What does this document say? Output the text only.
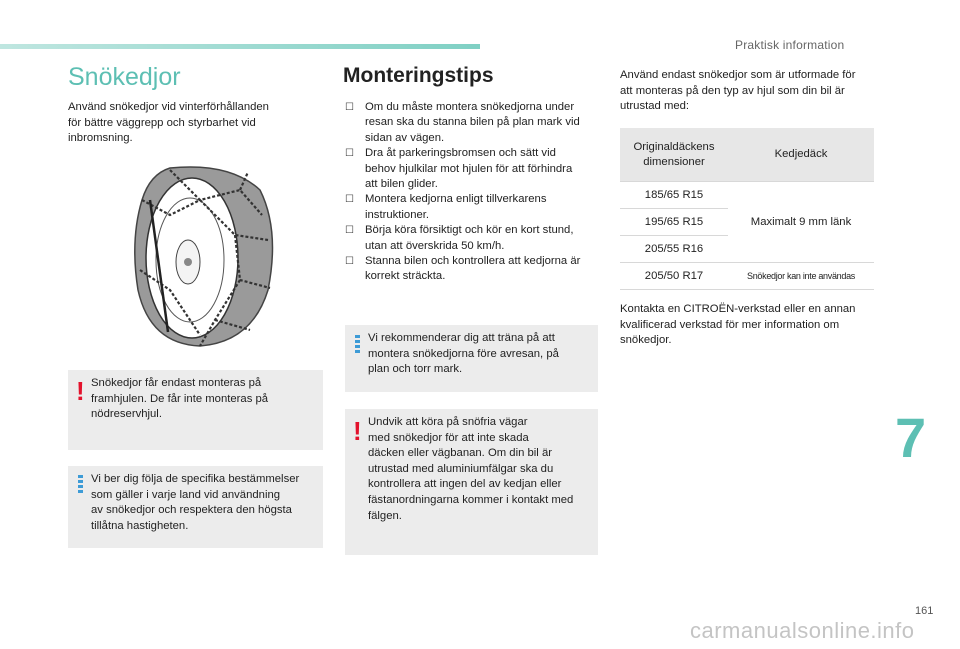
Praktisk information
Snökedjor
Använd snökedjor vid vinterförhållanden
för bättre väggrepp och styrbarhet vid
inbromsning.
! Snökedjor får endast monteras på
framhjulen. De får inte monteras på
nödreservhjul.
Vi ber dig följa de specifika bestämmelser
som gäller i varje land vid användning
av snökedjor och respektera den högsta
tillåtna hastigheten.
Monteringstips
☐ Om du måste montera snökedjorna under
resan ska du stanna bilen på plan mark vid
sidan av vägen.
☐ Dra åt parkeringsbromsen och sätt vid
behov hjulkilar mot hjulen för att förhindra
att bilen glider.
☐ Montera kedjorna enligt tillverkarens
instruktioner.
☐ Börja köra försiktigt och kör en kort stund,
utan att överskrida 50 km/h.
☐ Stanna bilen och kontrollera att kedjorna är
korrekt sträckta.
Vi rekommenderar dig att träna på att
montera snökedjorna före avresan, på
plan och torr mark.
! Undvik att köra på snöfria vägar
med snökedjor för att inte skada
däcken eller vägbanan. Om din bil är
utrustad med aluminiumfälgar ska du
kontrollera att ingen del av kedjan eller
fästanordningarna kommer i kontakt med
fälgen.
Använd endast snökedjor som är utformade för
att monteras på den typ av hjul som din bil är
utrustad med:
Originaldäckens
dimensioner	Kedjedäck
185/65 R15	Maximalt 9 mm länk
195/65 R15	
205/55 R16	
205/50 R17	Snökedjor kan inte användas
Kontakta en CITROËN-verkstad eller en annan
kvalificerad verkstad för mer information om
snökedjor.
7
161
carmanualsonline.info
